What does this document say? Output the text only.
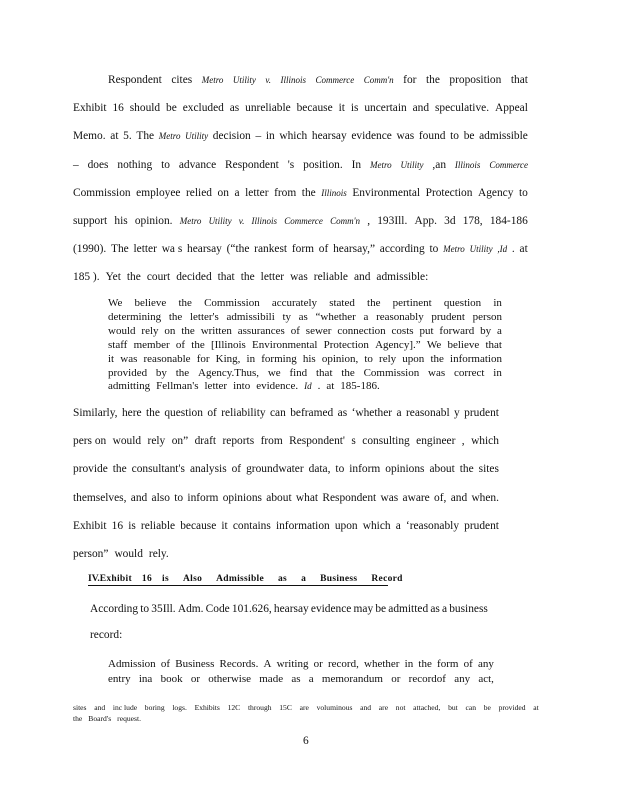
Respondent cites Metro Utility v. Illinois Commerce Comm'n for the proposition that
Exhibit 16 should be excluded as unreliable because it is uncertain and speculative. Appeal
Memo. at 5. The Metro Utility decision – in which hearsay evidence was found to be admissible
– does nothing to advance Respondent 's position. In Metro Utility ,an Illinois Commerce
Commission employee relied on a letter from the Illinois Environmental Protection Agency to
support his opinion. Metro Utility v. Illinois Commerce Comm'n , 193Ill. App. 3d 178, 184-186
(1990). The letter wa s hearsay (“the rankest form of hearsay,” according to Metro Utility ,Id . at
185 ). Yet the court decided that the letter was reliable and admissible:
We believe the Commission accurately stated the pertinent question in
determining the letter's admissibili ty as “whether a reasonably prudent person
would rely on the written assurances of sewer connection costs put forward by a
staff member of the [Illinois Environmental Protection Agency].” We believe that
it was reasonable for King, in forming his opinion, to rely upon the information
provided by the Agency.Thus, we find that the Commission was correct in
admitting Fellman's letter into evidence. Id . at 185-186.
Similarly, here the question of reliability can beframed as ‘whether a reasonabl y prudent
pers on would rely on” draft reports from Respondent' s consulting engineer , which
provide the consultant's analysis of groundwater data, to inform opinions about the sites
themselves, and also to inform opinions about what Respondent was aware of, and when.
Exhibit 16 is reliable because it contains information upon which a ‘reasonably prudent
person” would rely.
According to 35Ill. Adm. Code 101.626, hearsay evidence may be admitted as a business
record:
Admission of Business Records. A writing or record, whether in the form of any
entry ina book or otherwise made as a memorandum or recordof any act,
sites and inc lude boring logs. Exhibits 12C through 15C are voluminous and are not attached, but can be provided at
the Board's request.
IV. Exhibit 16 is Also Admissible as a Business Record
6
